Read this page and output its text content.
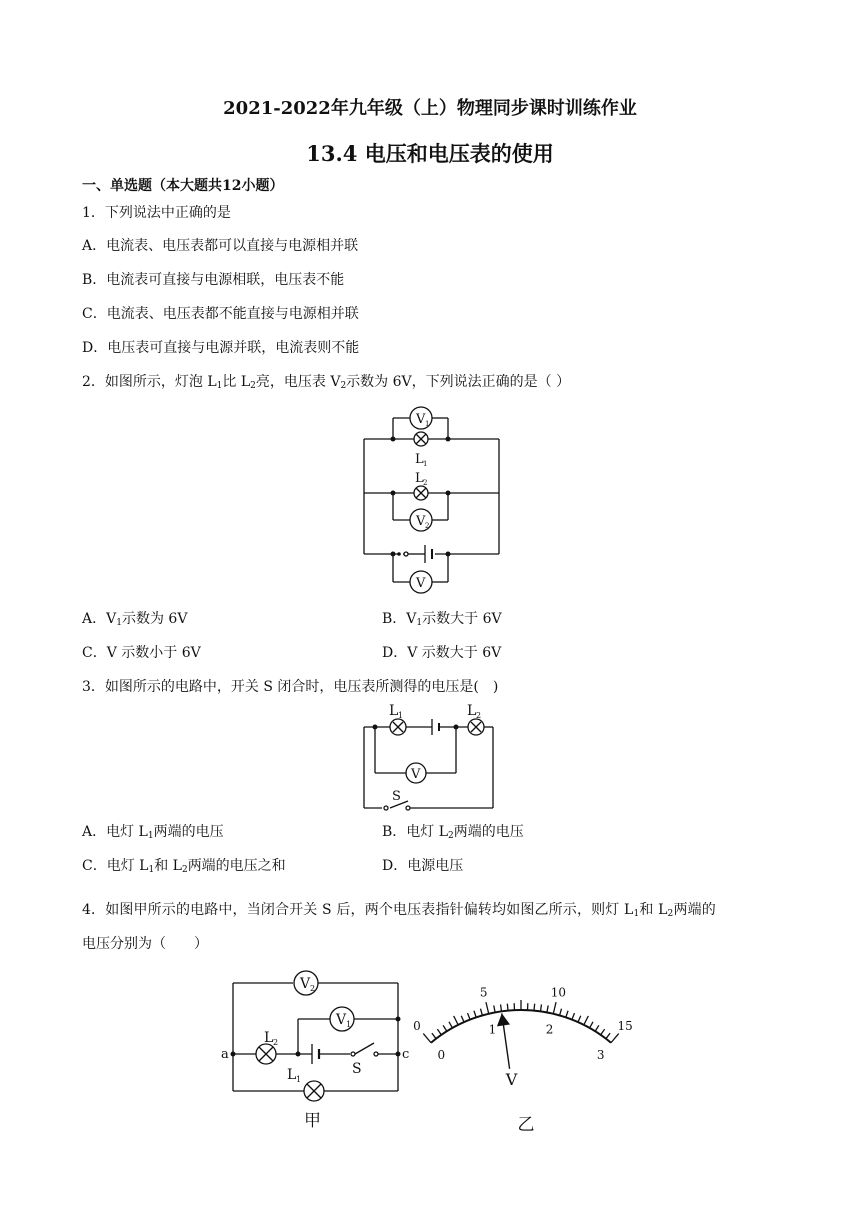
2021-2022年九年级（上）物理同步课时训练作业
13.4 电压和电压表的使用
一、单选题（本大题共12小题）
1．下列说法中正确的是
A．电流表、电压表都可以直接与电源相并联
B．电流表可直接与电源相联，电压表不能
C．电流表、电压表都不能直接与电源相并联
D．电压表可直接与电源并联，电流表则不能
2．如图所示，灯泡 $L_1$比 $L_2$亮，电压表 $V_2$示数为 6V，下列说法正确的是（ ）
V 1
L 1
L 2
V 2
V
A．$V_1$示数为 6V	B．$V_1$示数大于 6V
C．V 示数小于 6V	D．V 示数大于 6V
3．如图所示的电路中，开关 S 闭合时，电压表所测得的电压是(　)
L 1	L 2
V
S
A．电灯 $L_1$两端的电压	B．电灯 $L_2$两端的电压
C．电灯 $L_1$和 $L_2$两端的电压之和	D．电源电压
4．如图甲所示的电路中，当闭合开关 S 后，两个电压表指针偏转均如图乙所示，则灯 $L_1$和 $L_2$两端的
电压分别为（　　）
V 2
V 1
L 2
L 1
a	c
S
甲
0
5	10
15
0
1	2
3
V
乙
